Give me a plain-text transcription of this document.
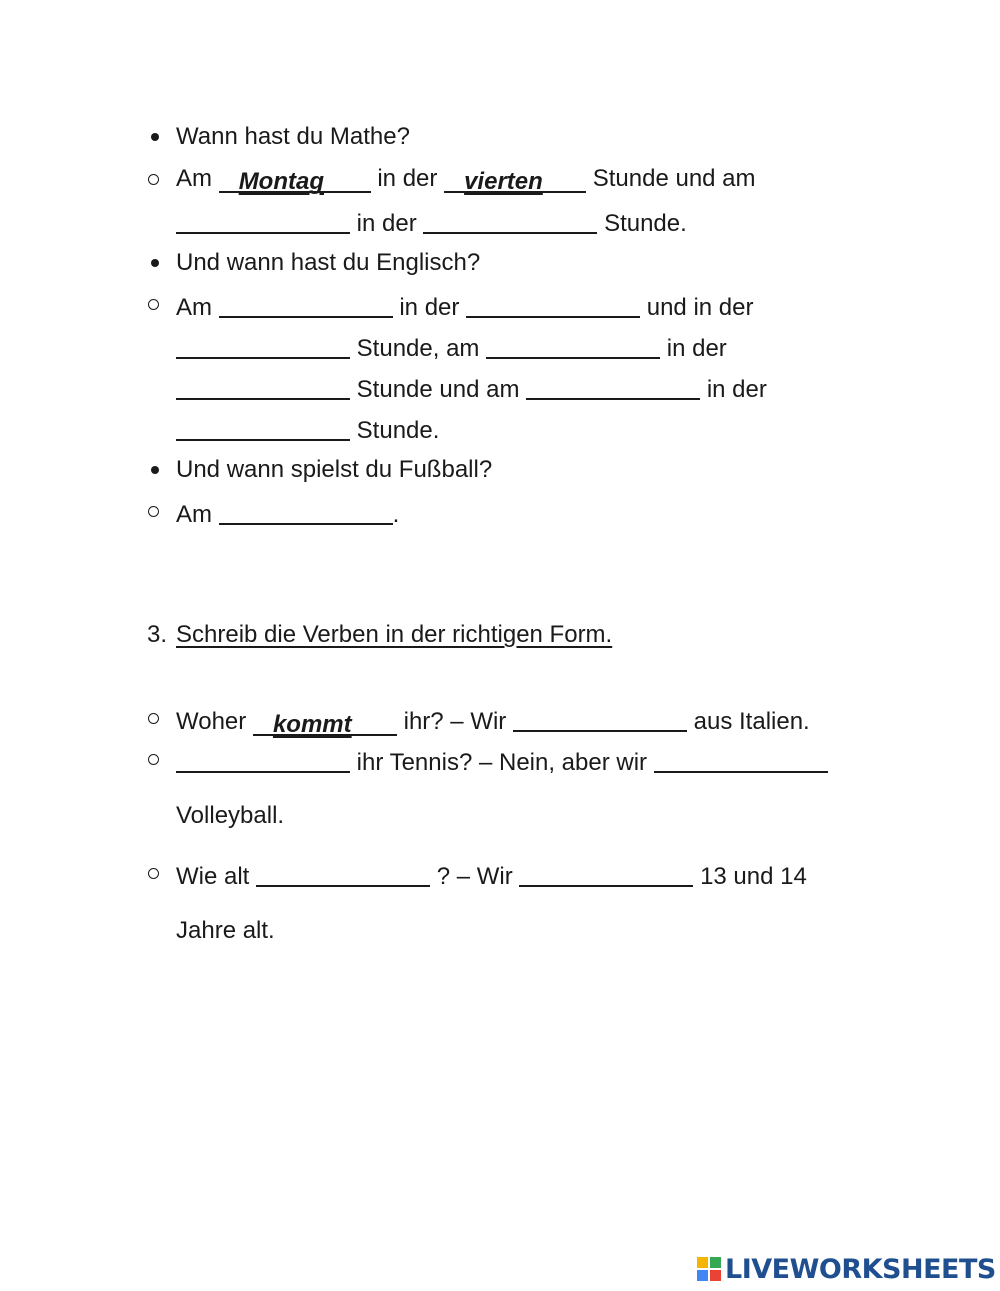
Wann hast du Mathe?
Am Montag in der vierten Stunde und am
in der	Stunde.
Und wann hast du Englisch?
Am	in der	und in der
Stunde, am	in der
Stunde und am	in der
Stunde.
Und wann spielst du Fußball?
Am	.
3. Schreib die Verben in der richtigen Form.
Woher kommt ihr? – Wir	aus Italien.
ihr Tennis? – Nein, aber wir
Volleyball.
Wie alt	? – Wir	13 und 14
Jahre alt.
LIVEWORKSHEETS
